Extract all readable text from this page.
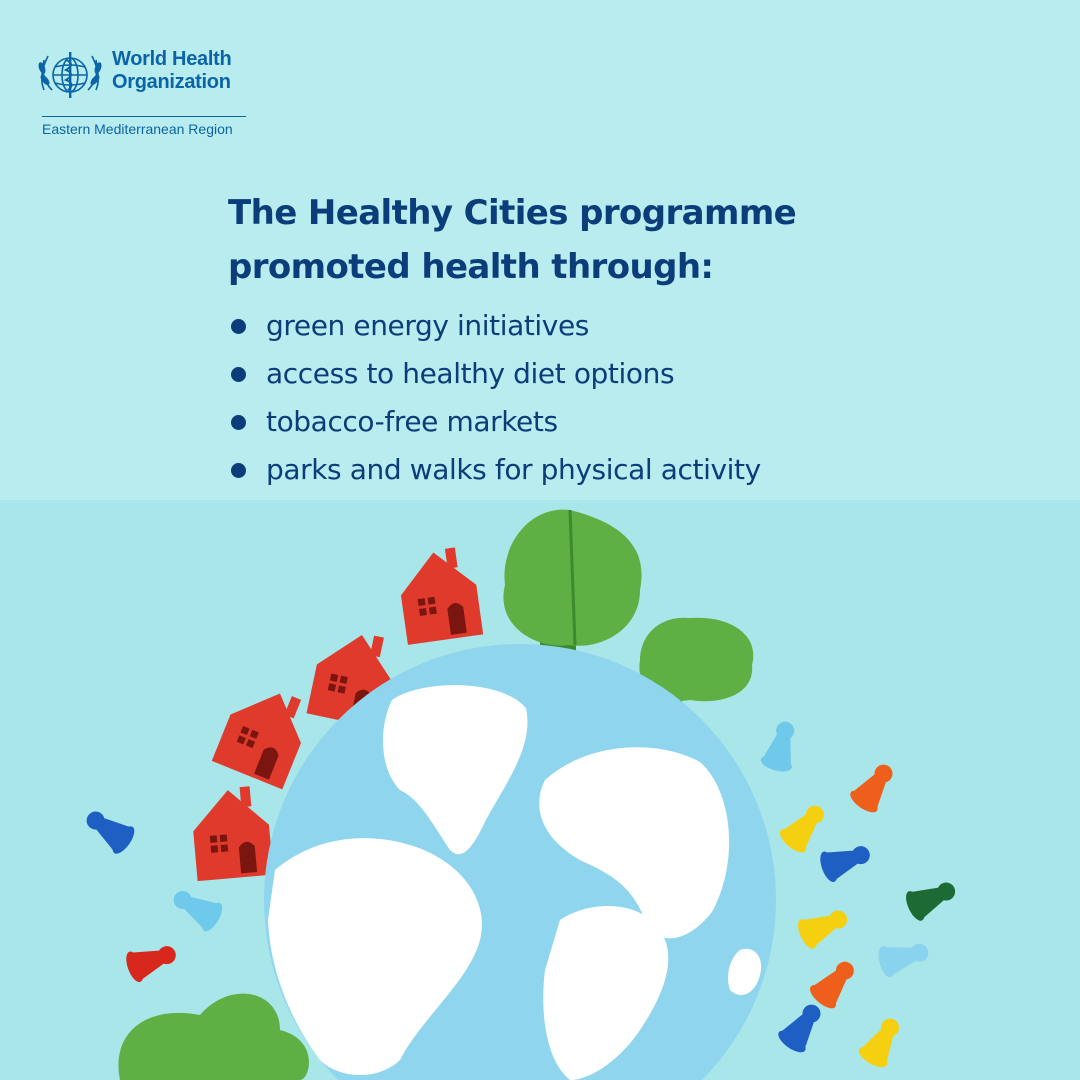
World Health
Organization
Eastern Mediterranean Region
The Healthy Cities programme
promoted health through:
green energy initiatives
access to healthy diet options
tobacco-free markets
parks and walks for physical activity
